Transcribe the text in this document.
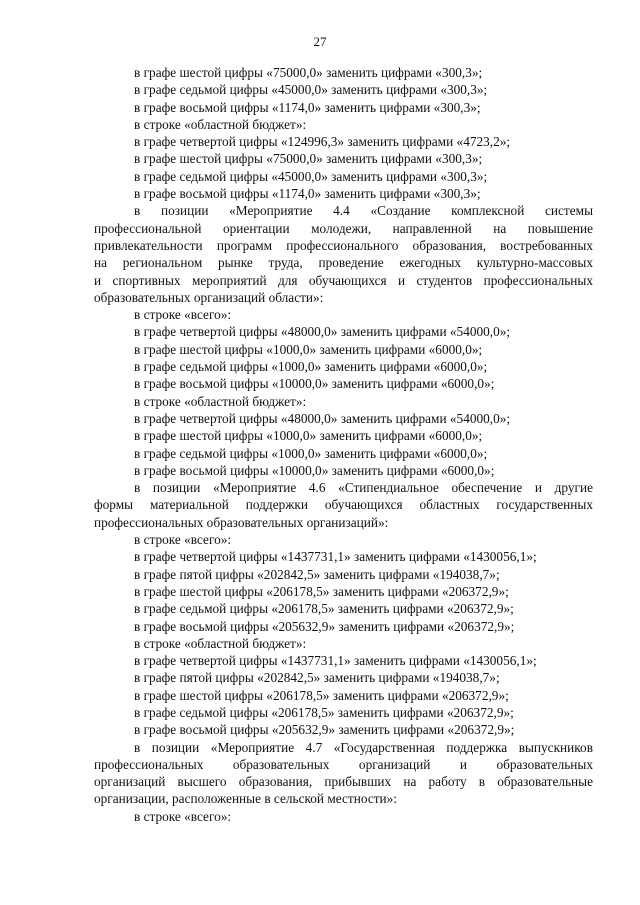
27
в графе шестой цифры «75000,0» заменить цифрами «300,3»;
в графе седьмой цифры «45000,0» заменить цифрами «300,3»;
в графе восьмой цифры «1174,0» заменить цифрами «300,3»;
в строке «областной бюджет»:
в графе четвертой цифры «124996,3» заменить цифрами «4723,2»;
в графе шестой цифры «75000,0» заменить цифрами «300,3»;
в графе седьмой цифры «45000,0» заменить цифрами «300,3»;
в графе восьмой цифры «1174,0» заменить цифрами «300,3»;
в позиции «Мероприятие 4.4 «Создание комплексной системы
профессиональной ориентации молодежи, направленной на повышение
привлекательности программ профессионального образования, востребованных
на региональном рынке труда, проведение ежегодных культурно-массовых
и спортивных мероприятий для обучающихся и студентов профессиональных
образовательных организаций области»:
в строке «всего»:
в графе четвертой цифры «48000,0» заменить цифрами «54000,0»;
в графе шестой цифры «1000,0» заменить цифрами «6000,0»;
в графе седьмой цифры «1000,0» заменить цифрами «6000,0»;
в графе восьмой цифры «10000,0» заменить цифрами «6000,0»;
в строке «областной бюджет»:
в графе четвертой цифры «48000,0» заменить цифрами «54000,0»;
в графе шестой цифры «1000,0» заменить цифрами «6000,0»;
в графе седьмой цифры «1000,0» заменить цифрами «6000,0»;
в графе восьмой цифры «10000,0» заменить цифрами «6000,0»;
в позиции «Мероприятие 4.6 «Стипендиальное обеспечение и другие
формы материальной поддержки обучающихся областных государственных
профессиональных образовательных организаций»:
в строке «всего»:
в графе четвертой цифры «1437731,1» заменить цифрами «1430056,1»;
в графе пятой цифры «202842,5» заменить цифрами «194038,7»;
в графе шестой цифры «206178,5» заменить цифрами «206372,9»;
в графе седьмой цифры «206178,5» заменить цифрами «206372,9»;
в графе восьмой цифры «205632,9» заменить цифрами «206372,9»;
в строке «областной бюджет»:
в графе четвертой цифры «1437731,1» заменить цифрами «1430056,1»;
в графе пятой цифры «202842,5» заменить цифрами «194038,7»;
в графе шестой цифры «206178,5» заменить цифрами «206372,9»;
в графе седьмой цифры «206178,5» заменить цифрами «206372,9»;
в графе восьмой цифры «205632,9» заменить цифрами «206372,9»;
в позиции «Мероприятие 4.7 «Государственная поддержка выпускников
профессиональных образовательных организаций и образовательных
организаций высшего образования, прибывших на работу в образовательные
организации, расположенные в сельской местности»:
в строке «всего»:
